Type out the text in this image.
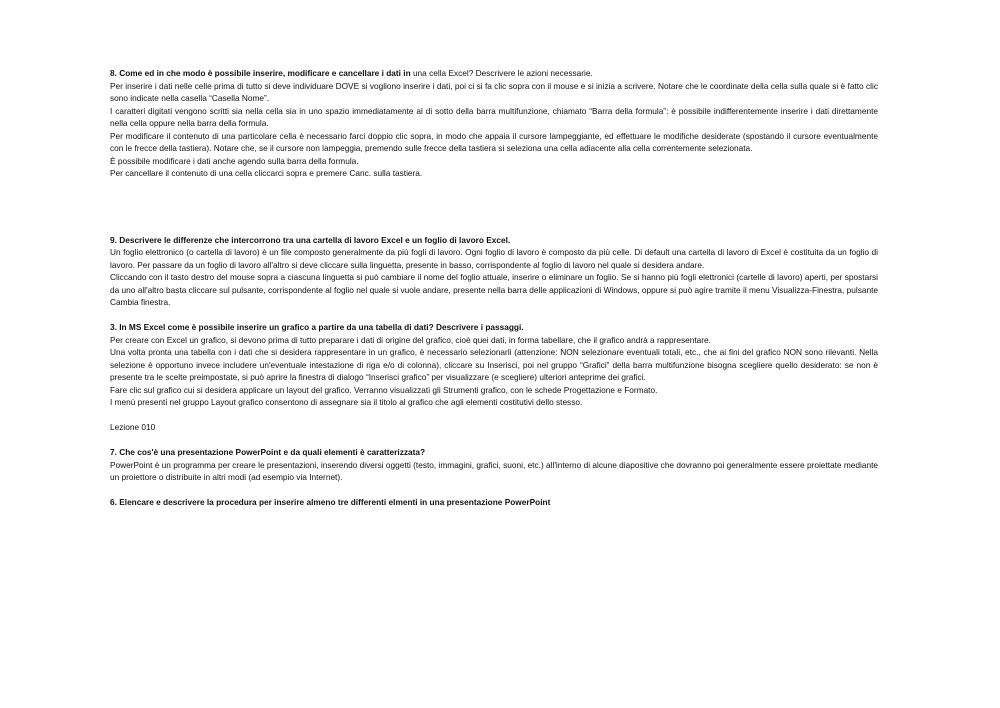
8. Come ed in che modo è possibile inserire, modificare e cancellare i dati in una cella Excel? Descrivere le azioni necessarie.

Per inserire i dati nelle celle prima di tutto si deve individuare DOVE si vogliono inserire i dati, poi ci si fa clic sopra con il mouse e si inizia a scrivere. Notare che le coordinate della cella sulla quale si è fatto clic sono indicate nella casella “Casella Nome”.

I caratteri digitati vengono scritti sia nella cella sia in uno spazio immediatamente al di sotto della barra multifunzione, chiamato “Barra della formula”: è possibile indifferentemente inserire i dati direttamente nella cella oppure nella barra della formula.

Per modificare il contenuto di una particolare cella è necessario farci doppio clic sopra, in modo che appaia il cursore lampeggiante, ed effettuare le modifiche desiderate (spostando il cursore eventualmente con le frecce della tastiera). Notare che, se il cursore non lampeggia, premendo sulle frecce della tastiera si seleziona una cella adiacente alla cella correntemente selezionata.

È possibile modificare i dati anche agendo sulla barra della formula.

Per cancellare il contenuto di una cella cliccarci sopra e premere Canc. sulla tastiera.

9. Descrivere le differenze che intercorrono tra una cartella di lavoro Excel e un foglio di lavoro Excel.

Un foglio elettronico (o cartella di lavoro) è un file composto generalmente da più fogli di lavoro. Ogni foglio di lavoro è composto da più celle. Di default una cartella di lavoro di Excel è costituita da un foglio di lavoro. Per passare da un foglio di lavoro all'altro si deve cliccare sulla linguetta, presente in basso, corrispondente al foglio di lavoro nel quale si desidera andare.

Cliccando con il tasto destro del mouse sopra a ciascuna linguetta si può cambiare il nome del foglio attuale, inserire o eliminare un foglio. Se si hanno più fogli elettronici (cartelle di lavoro) aperti, per spostarsi da uno all'altro basta cliccare sul pulsante, corrispondente al foglio nel quale si vuole andare, presente nella barra delle applicazioni di Windows, oppure si può agire tramite il menu Visualizza-Finestra, pulsante Cambia finestra.

3. In MS Excel come è possibile inserire un grafico a partire da una tabella di dati? Descrivere i passaggi.

Per creare con Excel un grafico, si devono prima di tutto preparare i dati di origine del grafico, cioè quei dati, in forma tabellare, che il grafico andrà a rappresentare.

Una volta pronta una tabella con i dati che si desidera rappresentare in un grafico, è necessario selezionarli (attenzione: NON selezionare eventuali totali, etc., che ai fini del grafico NON sono rilevanti. Nella selezione è opportuno invece includere un'eventuale intestazione di riga e/o di colonna), cliccare su Inserisci, poi nel gruppo “Grafici” della barra multifunzione bisogna scegliere quello desiderato: se non è presente tra le scelte preimpostate, si può aprire la finestra di dialogo “Inserisci grafico” per visualizzare (e scegliere) ulteriori anteprime dei grafici.

Fare clic sul grafico cui si desidera applicare un layout del grafico. Verranno visualizzati gli Strumenti grafico, con le schede Progettazione e Formato.

I menù presenti nel gruppo Layout grafico consentono di assegnare sia il titolo al grafico che agli elementi costitutivi dello stesso.

Lezione 010

7. Che cos'è una presentazione PowerPoint e da quali elementi è caratterizzata?

PowerPoint è un programma per creare le presentazioni, inserendo diversi oggetti (testo, immagini, grafici, suoni, etc.) all'interno di alcune diapositive che dovranno poi generalmente essere proiettate mediante un proiettore o distribuite in altri modi (ad esempio via Internet).

6. Elencare e descrivere la procedura per inserire almeno tre differenti elmenti in una presentazione PowerPoint
